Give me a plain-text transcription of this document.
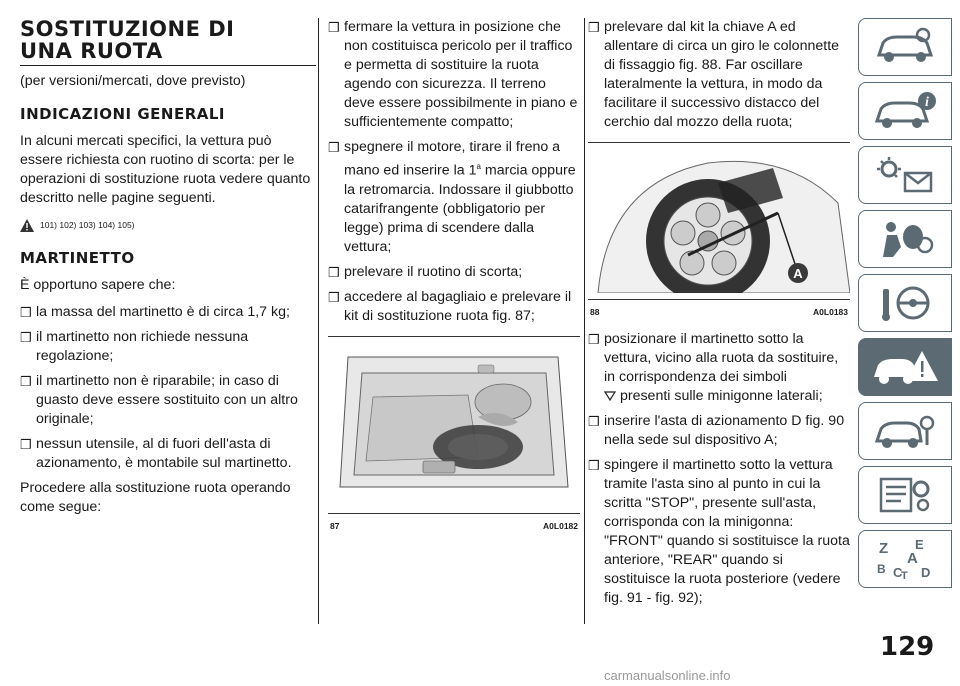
SOSTITUZIONE DI
UNA RUOTA
(per versioni/mercati, dove previsto)
INDICAZIONI GENERALI
In alcuni mercati specifici, la vettura può essere richiesta con ruotino di scorta: per le operazioni di sostituzione ruota vedere quanto descritto nelle pagine seguenti.
101) 102) 103) 104) 105)
MARTINETTO
È opportuno sapere che:
❒ la massa del martinetto è di circa 1,7 kg;
❒ il martinetto non richiede nessuna regolazione;
❒ il martinetto non è riparabile; in caso di guasto deve essere sostituito con un altro originale;
❒ nessun utensile, al di fuori dell'asta di azionamento, è montabile sul martinetto.
Procedere alla sostituzione ruota operando come segue:
❒ fermare la vettura in posizione che non costituisca pericolo per il traffico e permetta di sostituire la ruota agendo con sicurezza. Il terreno deve essere possibilmente in piano e sufficientemente compatto;
❒ spegnere il motore, tirare il freno a mano ed inserire la 1$^a$ marcia oppure la retromarcia. Indossare il giubbotto catarifrangente (obbligatorio per legge) prima di scendere dalla vettura;
❒ prelevare il ruotino di scorta;
❒ accedere al bagagliaio e prelevare il kit di sostituzione ruota fig. 87;
87	A0L0182
❒ prelevare dal kit la chiave A ed allentare di circa un giro le colonnette di fissaggio fig. 88. Far oscillare lateralmente la vettura, in modo da facilitare il successivo distacco del cerchio dal mozzo della ruota;
A
88	A0L0183
❒ posizionare il martinetto sotto la vettura, vicino alla ruota da sostituire, in corrispondenza dei simboli
presenti sulle minigonne laterali;
❒ inserire l'asta di azionamento D fig. 90 nella sede sul dispositivo A;
❒ spingere il martinetto sotto la vettura tramite l'asta sino al punto in cui la scritta "STOP", presente sull'asta, corrisponda con la minigonna: "FRONT" quando si sostituisce la ruota anteriore, "REAR" quando si sostituisce la ruota posteriore (vedere fig. 91 - fig. 92);
i
Z E
A
B C D
T
129
carmanualsonline.info
